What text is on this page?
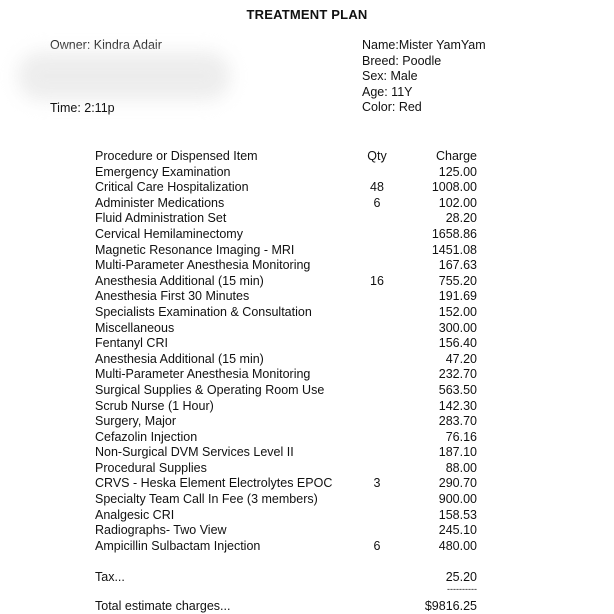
TREATMENT PLAN
Owner: Kindra Adair
Time: 2:11p
Name:Mister YamYam
Breed: Poodle
Sex: Male
Age: 11Y
Color: Red
Procedure or Dispensed Item	Qty	Charge
Emergency Examination	125.00
Critical Care Hospitalization	48	1008.00
Administer Medications	6	102.00
Fluid Administration Set	28.20
Cervical Hemilaminectomy	1658.86
Magnetic Resonance Imaging - MRI	1451.08
Multi-Parameter Anesthesia Monitoring	167.63
Anesthesia Additional (15 min)	16	755.20
Anesthesia First 30 Minutes	191.69
Specialists Examination & Consultation	152.00
Miscellaneous	300.00
Fentanyl CRI	156.40
Anesthesia Additional (15 min)	47.20
Multi-Parameter Anesthesia Monitoring	232.70
Surgical Supplies & Operating Room Use	563.50
Scrub Nurse (1 Hour)	142.30
Surgery, Major	283.70
Cefazolin Injection	76.16
Non-Surgical DVM Services Level II	187.10
Procedural Supplies	88.00
CRVS - Heska Element Electrolytes EPOC	3	290.70
Specialty Team Call In Fee (3 members)	900.00
Analgesic CRI	158.53
Radiographs- Two View	245.10
Ampicillin Sulbactam Injection	6	480.00
Tax...	25.20
----------
Total estimate charges...	$9816.25
